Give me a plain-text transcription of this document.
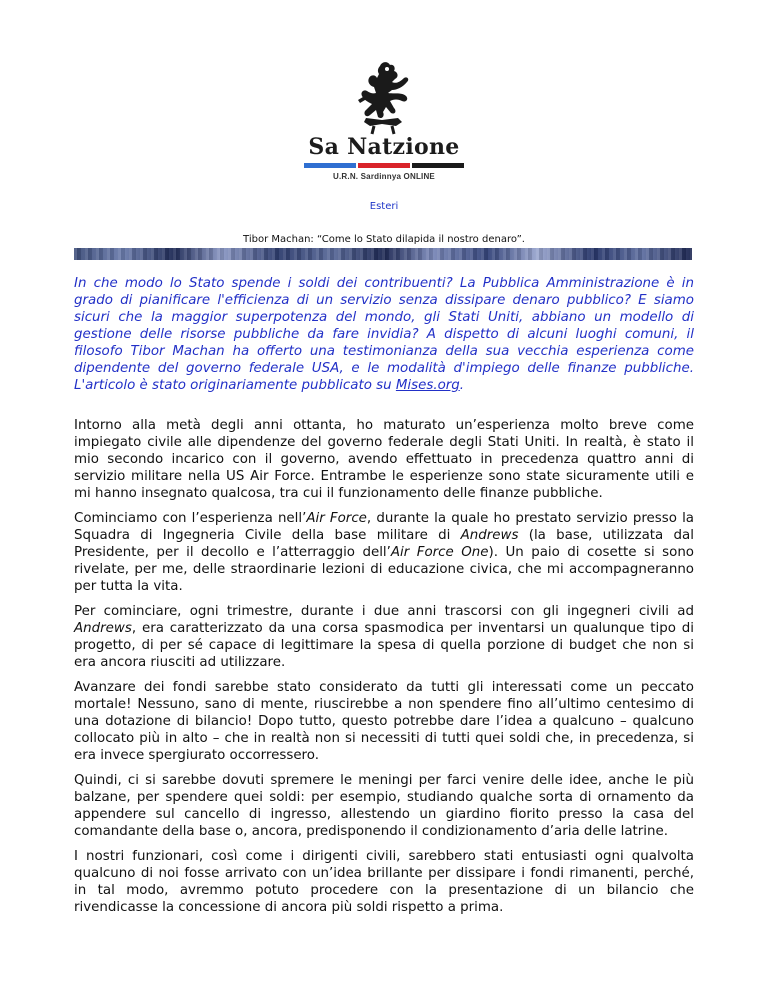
Sa Natzione
U.R.N. Sardinnya ONLINE
Esteri
Tibor Machan: “Come lo Stato dilapida il nostro denaro”.

In che modo lo Stato spende i soldi dei contribuenti? La Pubblica Amministrazione è in grado di pianificare l'efficienza di un servizio senza dissipare denaro pubblico? E siamo sicuri che la maggior superpotenza del mondo, gli Stati Uniti, abbiano un modello di gestione delle risorse pubbliche da fare invidia? A dispetto di alcuni luoghi comuni, il filosofo Tibor Machan ha offerto una testimonianza della sua vecchia esperienza come dipendente del governo federale USA, e le modalità d'impiego delle finanze pubbliche. L'articolo è stato originariamente pubblicato su Mises.org.

Intorno alla metà degli anni ottanta, ho maturato un’esperienza molto breve come impiegato civile alle dipendenze del governo federale degli Stati Uniti. In realtà, è stato il mio secondo incarico con il governo, avendo effettuato in precedenza quattro anni di servizio militare nella US Air Force. Entrambe le esperienze sono state sicuramente utili e mi hanno insegnato qualcosa, tra cui il funzionamento delle finanze pubbliche.

Cominciamo con l’esperienza nell’Air Force, durante la quale ho prestato servizio presso la Squadra di Ingegneria Civile della base militare di Andrews (la base, utilizzata dal Presidente, per il decollo e l’atterraggio dell’Air Force One). Un paio di cosette si sono rivelate, per me, delle straordinarie lezioni di educazione civica, che mi accompagneranno per tutta la vita.

Per cominciare, ogni trimestre, durante i due anni trascorsi con gli ingegneri civili ad Andrews, era caratterizzato da una corsa spasmodica per inventarsi un qualunque tipo di progetto, di per sé capace di legittimare la spesa di quella porzione di budget che non si era ancora riusciti ad utilizzare.

Avanzare dei fondi sarebbe stato considerato da tutti gli interessati come un peccato mortale! Nessuno, sano di mente, riuscirebbe a non spendere fino all’ultimo centesimo di una dotazione di bilancio! Dopo tutto, questo potrebbe dare l’idea a qualcuno – qualcuno collocato più in alto – che in realtà non si necessiti di tutti quei soldi che, in precedenza, si era invece spergiurato occorressero.

Quindi, ci si sarebbe dovuti spremere le meningi per farci venire delle idee, anche le più balzane, per spendere quei soldi: per esempio, studiando qualche sorta di ornamento da appendere sul cancello di ingresso, allestendo un giardino fiorito presso la casa del comandante della base o, ancora, predisponendo il condizionamento d’aria delle latrine.

I nostri funzionari, così come i dirigenti civili, sarebbero stati entusiasti ogni qualvolta qualcuno di noi fosse arrivato con un’idea brillante per dissipare i fondi rimanenti, perché, in tal modo, avremmo potuto procedere con la presentazione di un bilancio che rivendicasse la concessione di ancora più soldi rispetto a prima.
